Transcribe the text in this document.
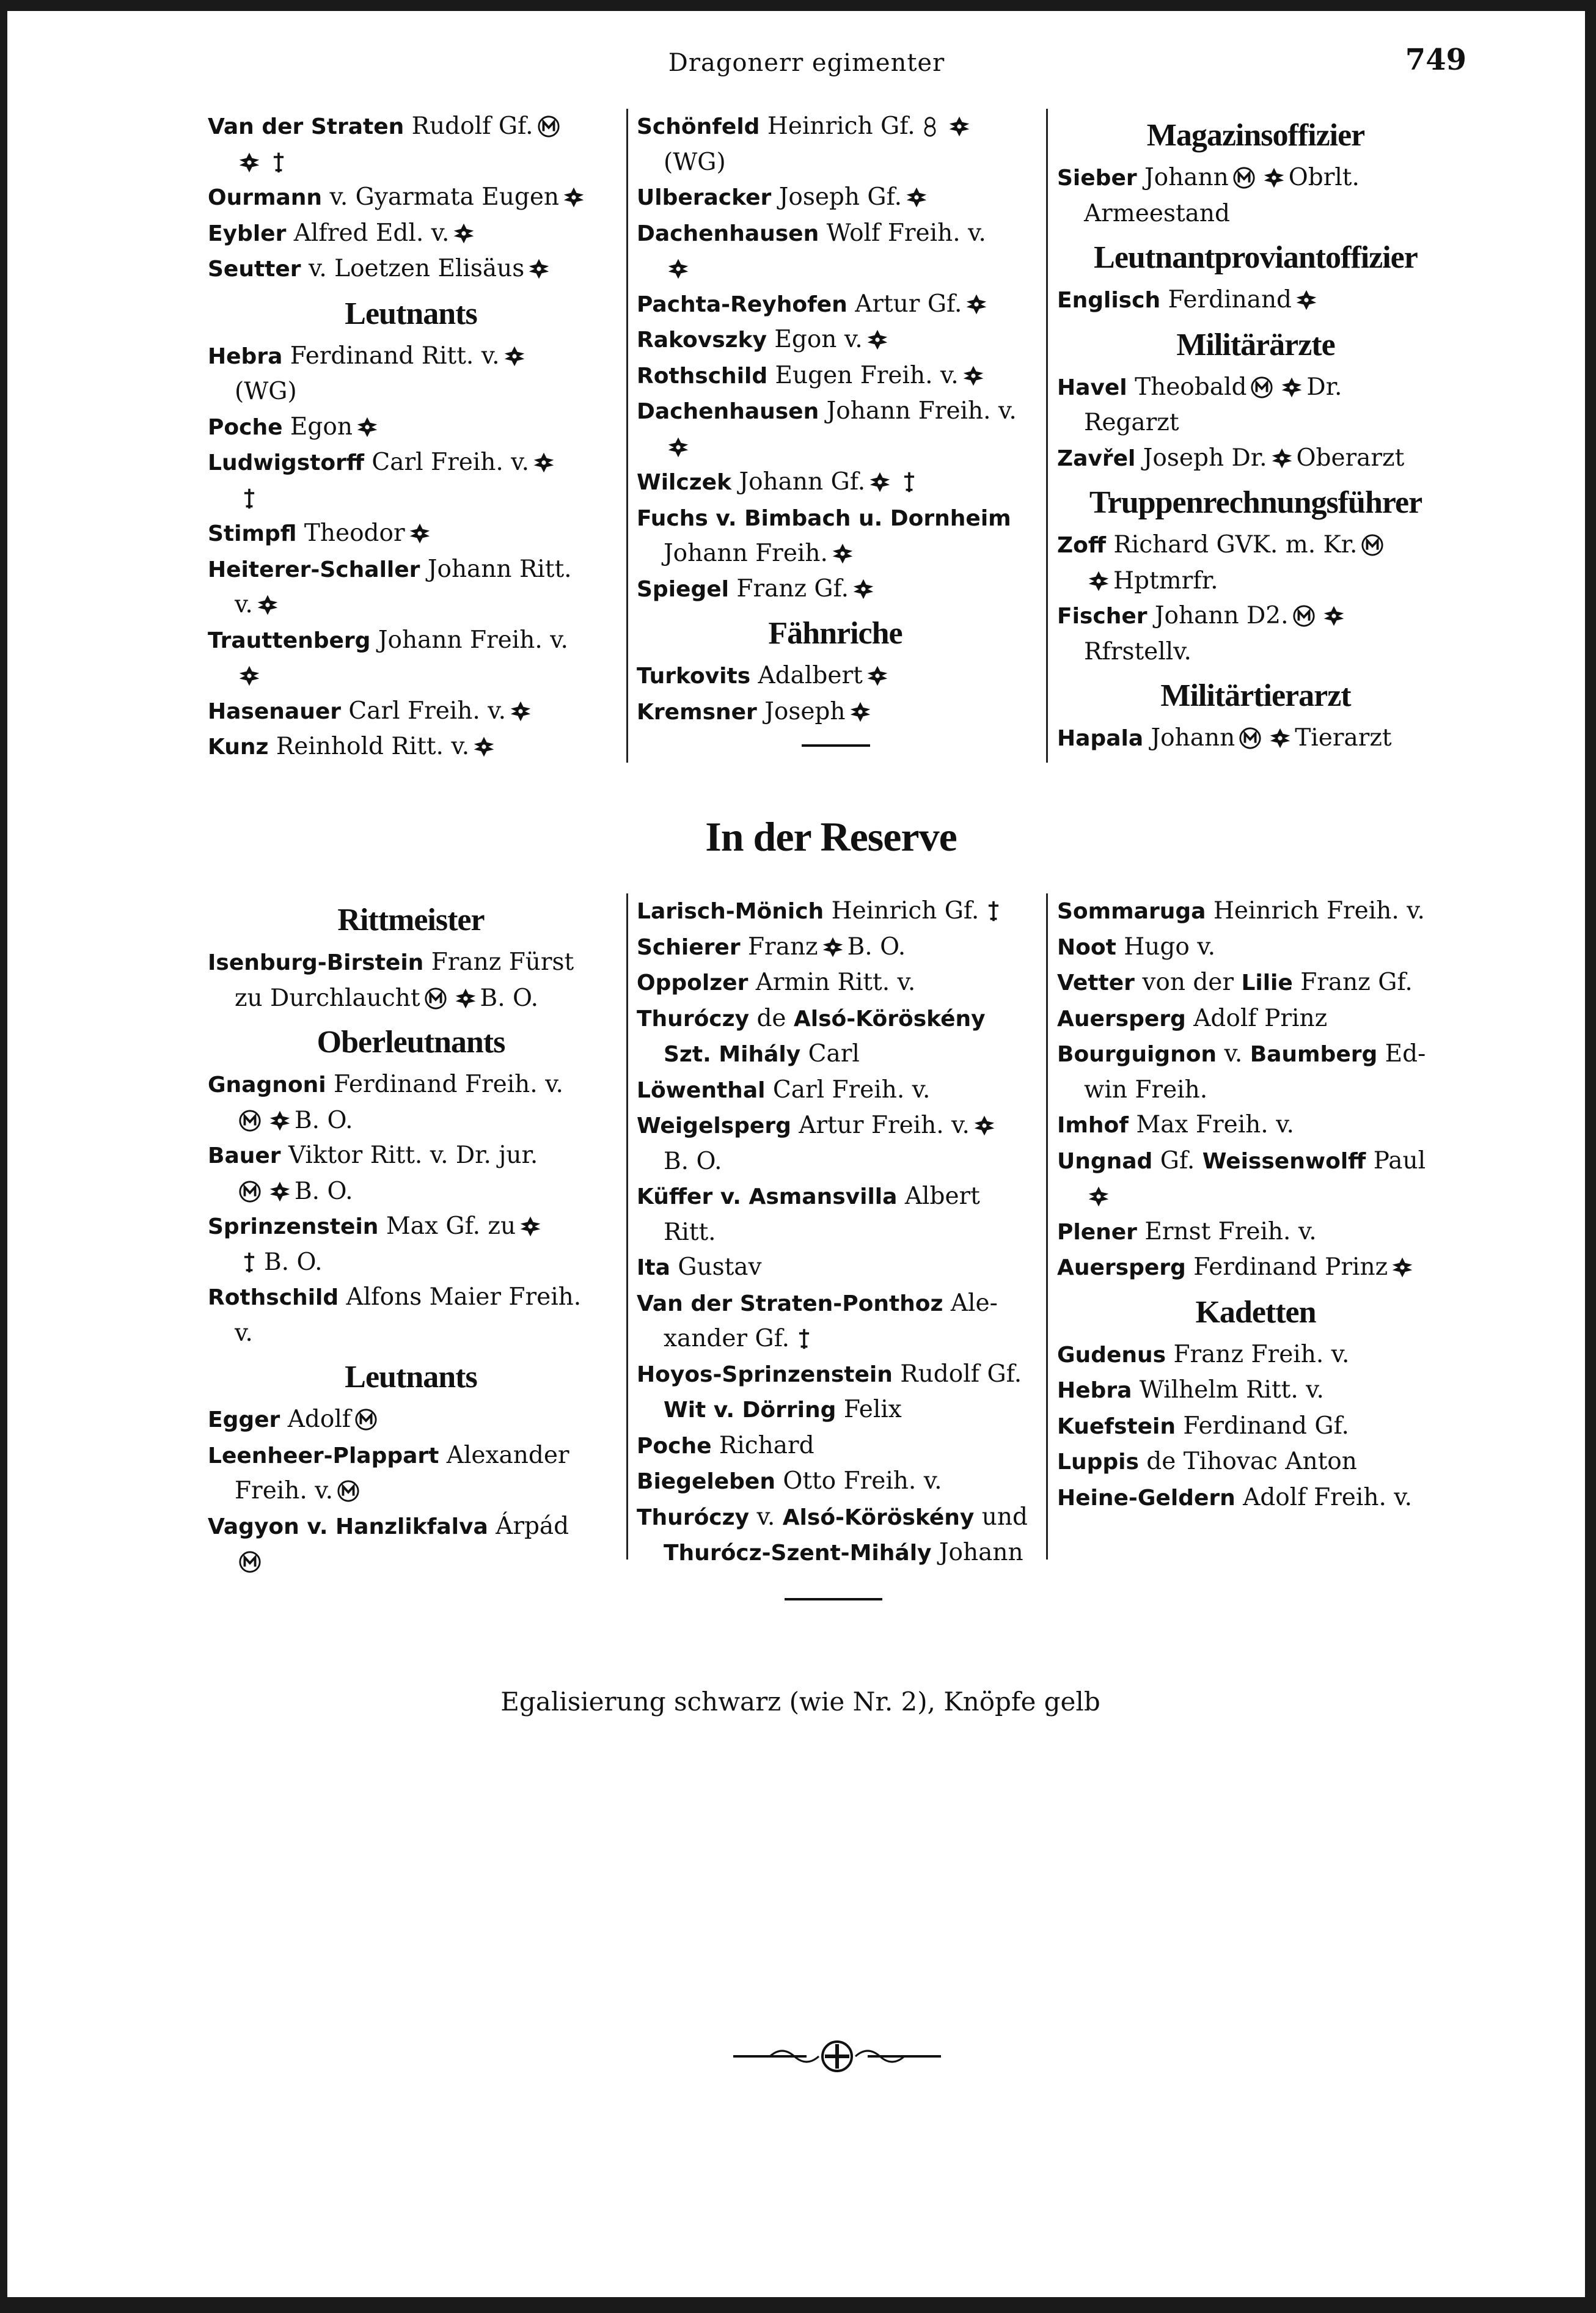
Dragonerr egimenter	749
Van der Straten Rudolf Gf.
Ourmann v. Gyarmata Eugen
Eybler Alfred Edl. v.
Seutter v. Loetzen Elisäus
Leutnants
Hebra Ferdinand Ritt. v.
(WG)
Poche Egon
Ludwigstorff Carl Freih. v.
Stimpfl Theodor
Heiterer-Schaller Johann Ritt.
v.
Trauttenberg Johann Freih. v.
Hasenauer Carl Freih. v.
Kunz Reinhold Ritt. v.
Schönfeld Heinrich Gf.
(WG)
Ulberacker Joseph Gf.
Dachenhausen Wolf Freih. v.
Pachta-Reyhofen Artur Gf.
Rakovszky Egon v.
Rothschild Eugen Freih. v.
Dachenhausen Johann Freih. v.
Wilczek Johann Gf.
Fuchs v. Bimbach u. Dornheim
Johann Freih.
Spiegel Franz Gf.
Fähnriche
Turkovits Adalbert
Kremsner Joseph
Magazinsoffizier
Sieber Johann	Obrlt.
Armeestand
Leutnantproviantoffizier
Englisch Ferdinand
Militärärzte
Havel Theobald	Dr.
Regarzt
Zavřel Joseph Dr. Oberarzt
Truppenrechnungsführer
Zoff Richard GVK. m. Kr.
Hptmrfr.
Fischer Johann D2.
Rfrstellv.
Militärtierarzt
Hapala Johann	Tierarzt
In der Reserve
Rittmeister
Isenburg-Birstein Franz Fürst
zu Durchlaucht	B. O.
Oberleutnants
Gnagnoni Ferdinand Freih. v.
B. O.
Bauer Viktor Ritt. v. Dr. jur.
B. O.
Sprinzenstein Max Gf. zu
B. O.
Rothschild Alfons Maier Freih.
v.
Leutnants
Egger Adolf
Leenheer-Plappart Alexander
Freih. v.
Vagyon v. Hanzlikfalva Árpád
Larisch-Mönich Heinrich Gf.
Schierer Franz B. O.
Oppolzer Armin Ritt. v.
Thuróczy de Alsó-Köröskény
Szt. Mihály Carl
Löwenthal Carl Freih. v.
Weigelsperg Artur Freih. v.
B. O.
Küffer v. Asmansvilla Albert
Ritt.
Ita Gustav
Van der Straten-Ponthoz Ale-
xander Gf.
Hoyos-Sprinzenstein Rudolf Gf.
Wit v. Dörring Felix
Poche Richard
Biegeleben Otto Freih. v.
Thuróczy v. Alsó-Köröskény und
Thurócz-Szent-Mihály Johann
Sommaruga Heinrich Freih. v.
Noot Hugo v.
Vetter von der Lilie Franz Gf.
Auersperg Adolf Prinz
Bourguignon v. Baumberg Ed-
win Freih.
Imhof Max Freih. v.
Ungnad Gf. Weissenwolff Paul
Plener Ernst Freih. v.
Auersperg Ferdinand Prinz
Kadetten
Gudenus Franz Freih. v.
Hebra Wilhelm Ritt. v.
Kuefstein Ferdinand Gf.
Luppis de Tihovac Anton
Heine-Geldern Adolf Freih. v.
Egalisierung schwarz (wie Nr. 2), Knöpfe gelb
